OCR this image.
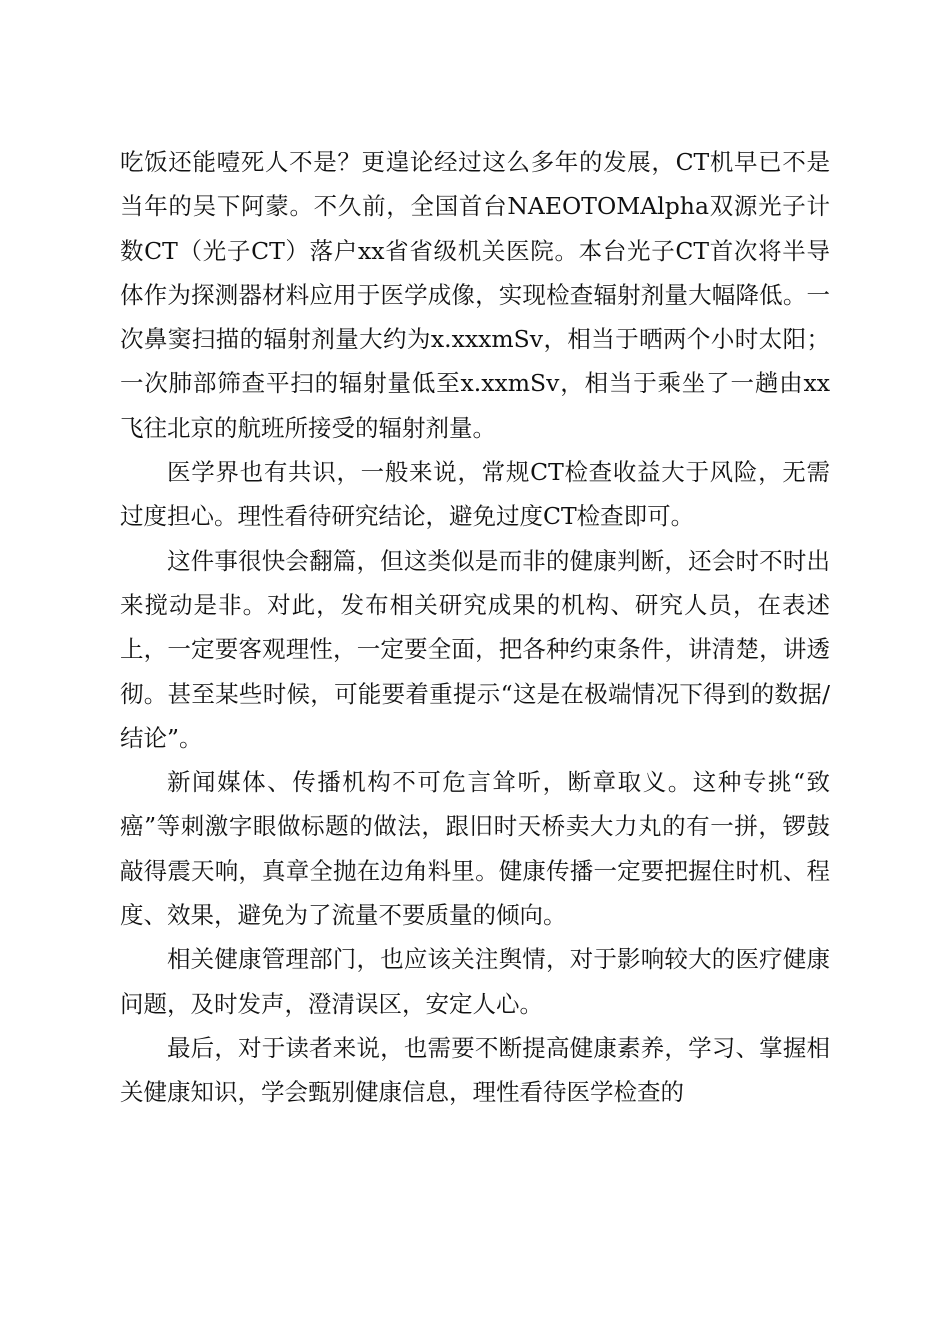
吃饭还能噎死人不是？更遑论经过这么多年的发展，CT机早已不是当年的吴下阿蒙。不久前，全国首台NAEOTOMAlpha双源光子计数CT（光子CT）落户xx省省级机关医院。本台光子CT首次将半导体作为探测器材料应用于医学成像，实现检查辐射剂量大幅降低。一次鼻窦扫描的辐射剂量大约为x.xxxmSv，相当于晒两个小时太阳；一次肺部筛查平扫的辐射量低至x.xxmSv，相当于乘坐了一趟由xx飞往北京的航班所接受的辐射剂量。

医学界也有共识，一般来说，常规CT检查收益大于风险，无需过度担心。理性看待研究结论，避免过度CT检查即可。

这件事很快会翻篇，但这类似是而非的健康判断，还会时不时出来搅动是非。对此，发布相关研究成果的机构、研究人员，在表述上，一定要客观理性，一定要全面，把各种约束条件，讲清楚，讲透彻。甚至某些时候，可能要着重提示“这是在极端情况下得到的数据/结论”。

新闻媒体、传播机构不可危言耸听，断章取义。这种专挑“致癌”等刺激字眼做标题的做法，跟旧时天桥卖大力丸的有一拼，锣鼓敲得震天响，真章全抛在边角料里。健康传播一定要把握住时机、程度、效果，避免为了流量不要质量的倾向。

相关健康管理部门，也应该关注舆情，对于影响较大的医疗健康问题，及时发声，澄清误区，安定人心。

最后，对于读者来说，也需要不断提高健康素养，学习、掌握相关健康知识，学会甄别健康信息，理性看待医学检查的
